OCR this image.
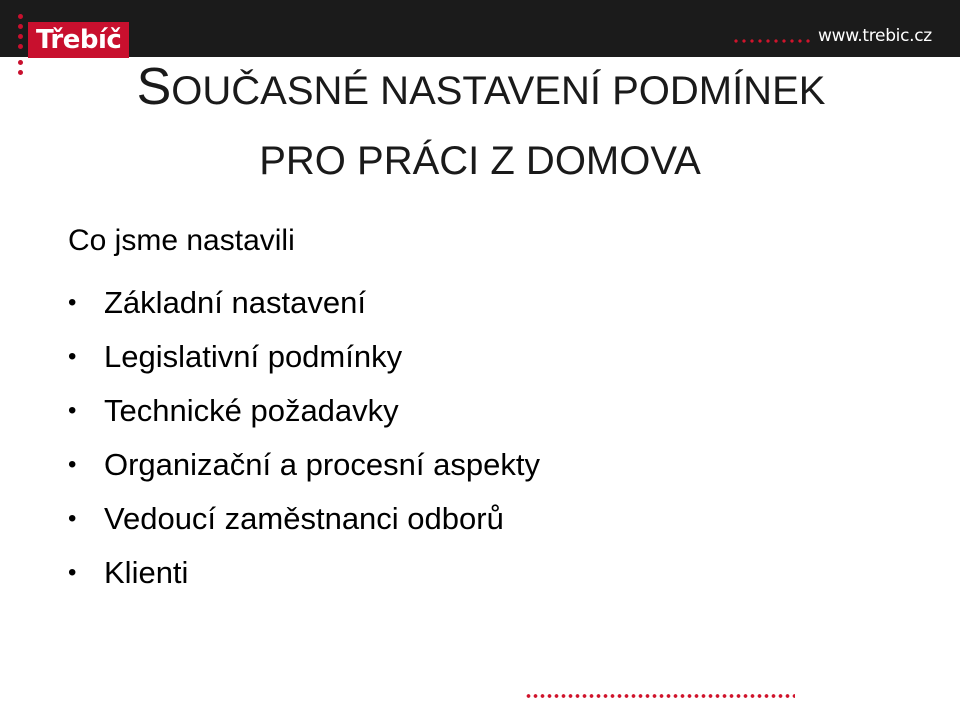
Třebíč	www.trebic.cz
SOUČASNÉ NASTAVENÍ PODMÍNEK
PRO PRÁCI Z DOMOVA
Co jsme nastavili
• Základní nastavení
• Legislativní podmínky
• Technické požadavky
• Organizační a procesní aspekty
• Vedoucí zaměstnanci odborů
• Klienti
